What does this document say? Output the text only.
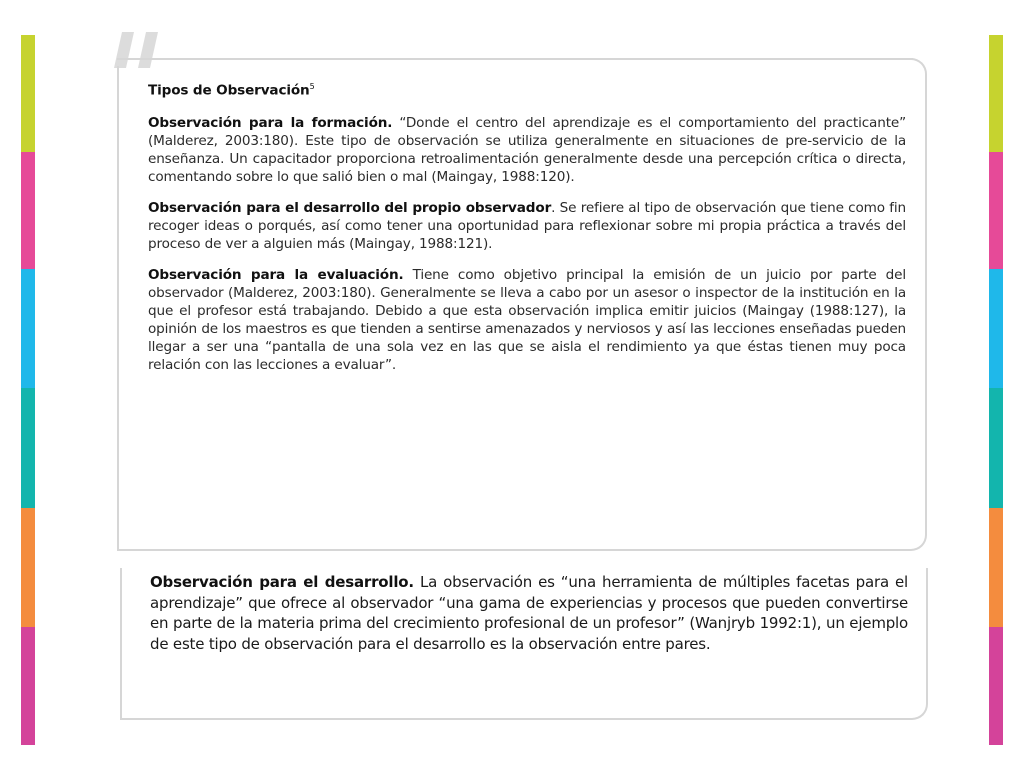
Tipos de Observación$^5$

Observación para la formación. “Donde el centro del aprendizaje es el comportamiento del practicante” (Malderez, 2003:180). Este tipo de observación se utiliza generalmente en situaciones de pre-servicio de la enseñanza. Un capacitador proporciona retroalimentación generalmente desde una percepción crítica o directa, comentando sobre lo que salió bien o mal (Maingay, 1988:120).

Observación para el desarrollo del propio observador. Se refiere al tipo de observación que tiene como fin recoger ideas o porqués, así como tener una oportunidad para reflexionar sobre mi propia práctica a través del proceso de ver a alguien más (Maingay, 1988:121).

Observación para la evaluación. Tiene como objetivo principal la emisión de un juicio por parte del observador (Malderez, 2003:180). Generalmente se lleva a cabo por un asesor o inspector de la institución en la que el profesor está trabajando. Debido a que esta observación implica emitir juicios (Maingay (1988:127), la opinión de los maestros es que tienden a sentirse amenazados y nerviosos y así las lecciones enseñadas pueden llegar a ser una “pantalla de una sola vez en las que se aisla el rendimiento ya que éstas tienen muy poca relación con las lecciones a evaluar”.

Observación para el desarrollo. La observación es “una herramienta de múltiples facetas para el aprendizaje” que ofrece al observador “una gama de experiencias y procesos que pueden convertirse en parte de la materia prima del crecimiento profesional de un profesor” (Wanjryb 1992:1), un ejemplo de este tipo de observación para el desarrollo es la observación entre pares.
